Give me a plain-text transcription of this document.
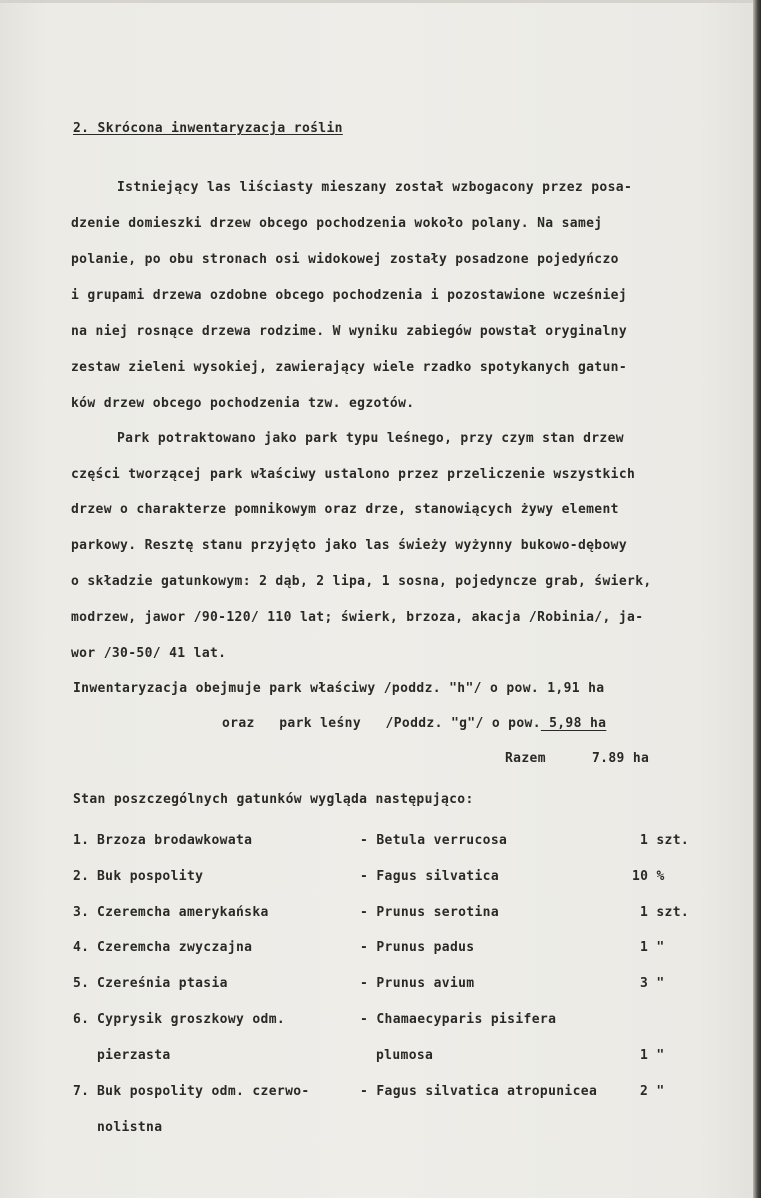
2. Skrócona inwentaryzacja roślin
Istniejący las liściasty mieszany został wzbogacony przez posa-
dzenie domieszki drzew obcego pochodzenia wokoło polany. Na samej
polanie, po obu stronach osi widokowej zostały posadzone pojedyńczo
i grupami drzewa ozdobne obcego pochodzenia i pozostawione wcześniej
na niej rosnące drzewa rodzime. W wyniku zabiegów powstał oryginalny
zestaw zieleni wysokiej, zawierający wiele rzadko spotykanych gatun-
ków drzew obcego pochodzenia tzw. egzotów.
Park potraktowano jako park typu leśnego, przy czym stan drzew
części tworzącej park właściwy ustalono przez przeliczenie wszystkich
drzew o charakterze pomnikowym oraz drze, stanowiących żywy element
parkowy. Resztę stanu przyjęto jako las świeży wyżynny bukowo-dębowy
o składzie gatunkowym: 2 dąb, 2 lipa, 1 sosna, pojedyncze grab, świerk,
modrzew, jawor /90-120/ 110 lat; świerk, brzoza, akacja /Robinia/, ja-
wor /30-50/ 41 lat.
Inwentaryzacja obejmuje park właściwy /poddz. "h"/ o pow. 1,91 ha
oraz   park leśny   /Poddz. "g"/ o pow. 5,98 ha
Razem	7.89 ha
Stan poszczególnych gatunków wygląda następująco:
1. Brzoza brodawkowata	- Betula verrucosa	1 szt.
2. Buk pospolity	- Fagus silvatica	10 %
3. Czeremcha amerykańska	- Prunus serotina	1 szt.
4. Czeremcha zwyczajna	- Prunus padus	1 "
5. Czereśnia ptasia	- Prunus avium	3 "
6. Cyprysik groszkowy odm.	- Chamaecyparis pisifera
pierzasta	plumosa	1 "
7. Buk pospolity odm. czerwo-	- Fagus silvatica atropunicea	2 "
nolistna
